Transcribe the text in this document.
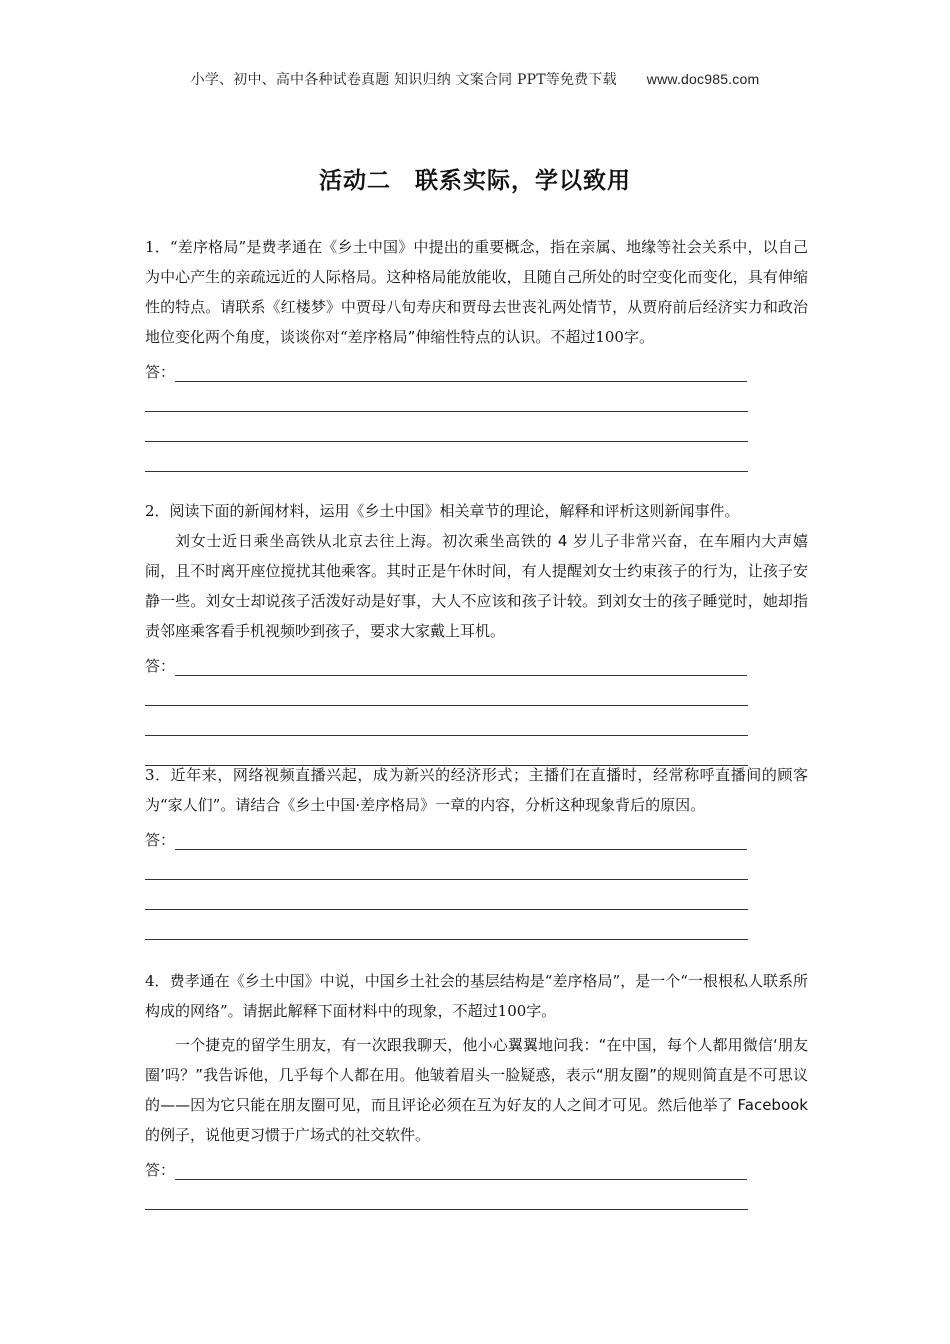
小学、初中、高中各种试卷真题 知识归纳 文案合同 PPT等免费下载 www.doc985.com
活动二　联系实际，学以致用

1．“差序格局”是费孝通在《乡土中国》中提出的重要概念，指在亲属、地缘等社会关系中，以自己为中心产生的亲疏远近的人际格局。这种格局能放能收，且随自己所处的时空变化而变化，具有伸缩性的特点。请联系《红楼梦》中贾母八旬寿庆和贾母去世丧礼两处情节，从贾府前后经济实力和政治地位变化两个角度，谈谈你对“差序格局”伸缩性特点的认识。不超过100字。

答：

2．阅读下面的新闻材料，运用《乡土中国》相关章节的理论，解释和评析这则新闻事件。

刘女士近日乘坐高铁从北京去往上海。初次乘坐高铁的 4 岁儿子非常兴奋，在车厢内大声嬉闹，且不时离开座位搅扰其他乘客。其时正是午休时间，有人提醒刘女士约束孩子的行为，让孩子安静一些。刘女士却说孩子活泼好动是好事，大人不应该和孩子计较。到刘女士的孩子睡觉时，她却指责邻座乘客看手机视频吵到孩子，要求大家戴上耳机。

答：

3．近年来，网络视频直播兴起，成为新兴的经济形式；主播们在直播时，经常称呼直播间的顾客为“家人们”。请结合《乡土中国·差序格局》一章的内容，分析这种现象背后的原因。

答：

4．费孝通在《乡土中国》中说，中国乡土社会的基层结构是“差序格局”，是一个“一根根私人联系所构成的网络”。请据此解释下面材料中的现象，不超过100字。

一个捷克的留学生朋友，有一次跟我聊天，他小心翼翼地问我：“在中国，每个人都用微信‘朋友圈’吗？”我告诉他，几乎每个人都在用。他皱着眉头一脸疑惑，表示“朋友圈”的规则简直是不可思议的——因为它只能在朋友圈可见，而且评论必须在互为好友的人之间才可见。然后他举了 Facebook 的例子，说他更习惯于广场式的社交软件。

答：
